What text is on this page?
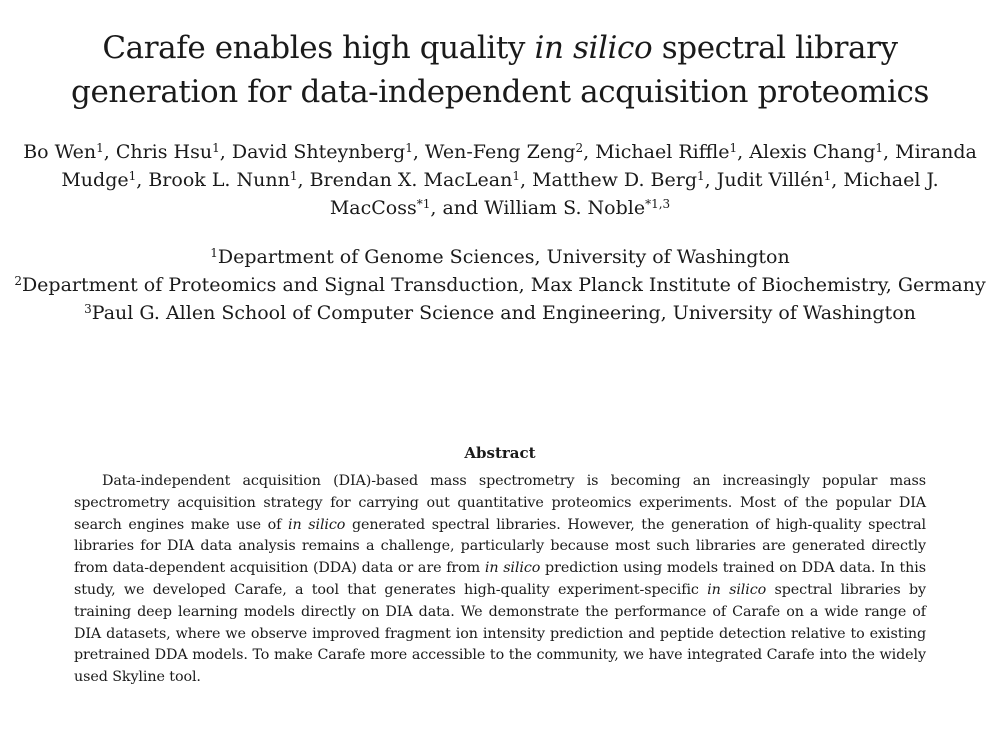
Carafe enables high quality in silico spectral library generation for data-independent acquisition proteomics
Bo Wen$^1$, Chris Hsu$^1$, David Shteynberg$^1$, Wen-Feng Zeng$^2$, Michael Riffle$^1$, Alexis Chang$^1$, Miranda Mudge$^1$, Brook L. Nunn$^1$, Brendan X. MacLean$^1$, Matthew D. Berg$^1$, Judit Villén$^1$, Michael J. MacCoss$^{*1}$, and William S. Noble$^{*1,3}$
$^1$Department of Genome Sciences, University of Washington
$^2$Department of Proteomics and Signal Transduction, Max Planck Institute of Biochemistry, Germany
$^3$Paul G. Allen School of Computer Science and Engineering, University of Washington
Abstract

Data-independent acquisition (DIA)-based mass spectrometry is becoming an increasingly popular mass spectrometry acquisition strategy for carrying out quantitative proteomics experiments. Most of the popular DIA search engines make use of in silico generated spectral libraries. However, the generation of high-quality spectral libraries for DIA data analysis remains a challenge, particularly because most such libraries are generated directly from data-dependent acquisition (DDA) data or are from in silico prediction using models trained on DDA data. In this study, we developed Carafe, a tool that generates high-quality experiment-specific in silico spectral libraries by training deep learning models directly on DIA data. We demonstrate the performance of Carafe on a wide range of DIA datasets, where we observe improved fragment ion intensity prediction and peptide detection relative to existing pretrained DDA models. To make Carafe more accessible to the community, we have integrated Carafe into the widely used Skyline tool.
